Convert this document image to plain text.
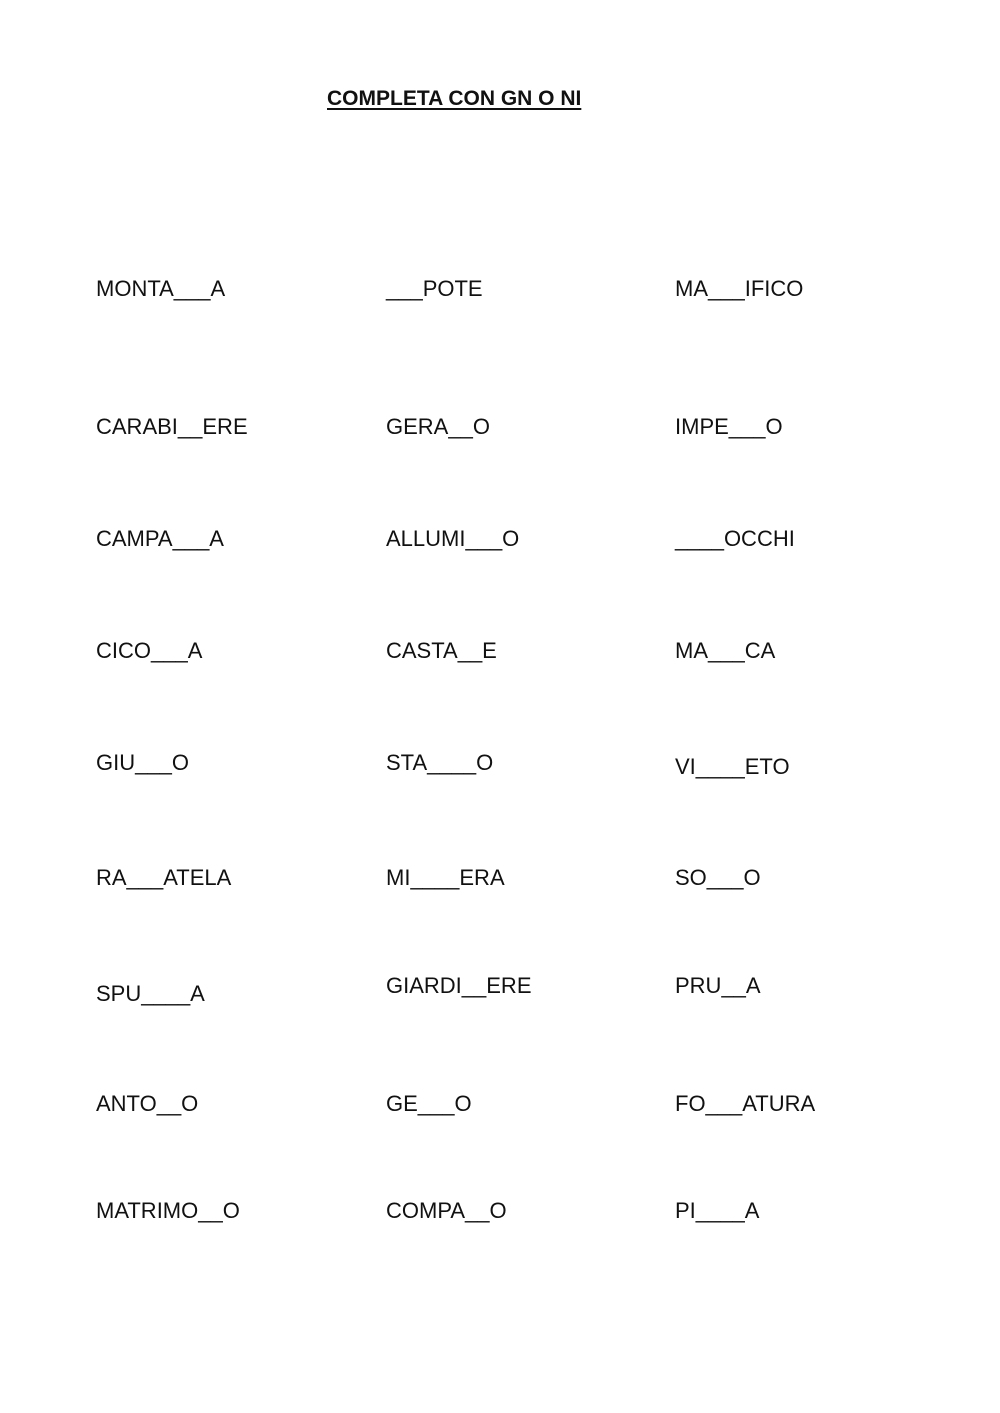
COMPLETA CON GN O NI
MONTA___A	___POTE	MA___IFICO
CARABI__ERE	GERA__O	IMPE___O
CAMPA___A	ALLUMI___O	____OCCHI
CICO___A	CASTA__E	MA___CA
GIU___O	STA____O	VI____ETO
RA___ATELA	MI____ERA	SO___O
SPU____A	GIARDI__ERE	PRU__A
ANTO__O	GE___O	FO___ATURA
MATRIMO__O	COMPA__O	PI____A
